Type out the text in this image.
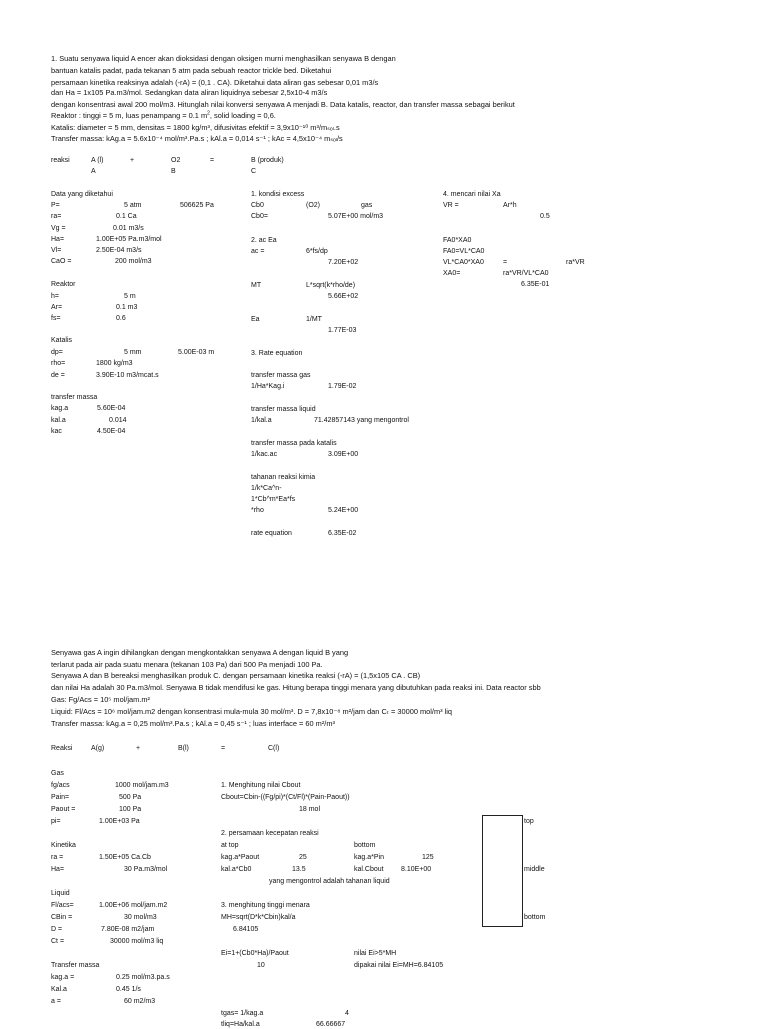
1. Suatu senyawa liquid A encer akan dioksidasi dengan oksigen murni menghasilkan senyawa B dengan
bantuan katalis padat, pada tekanan 5 atm pada sebuah reactor trickle bed. Diketahui
persamaan kinetika reaksinya adalah (-rA) = (0,1 . CA). Diketahui data aliran gas sebesar 0,01 m3/s
dan Ha = 1x105 Pa.m3/mol. Sedangkan data aliran liquidnya sebesar 2,5x10-4 m3/s
dengan konsentrasi awal 200 mol/m3. Hitunglah nilai konversi senyawa A menjadi B. Data katalis, reactor, dan transfer massa sebagai berikut
Reaktor : tinggi = 5 m, luas penampang = 0.1 $m^2$, solid loading = 0,6.
Katalis: diameter = 5 mm, densitas = 1800 kg/m³, difusivitas efektif = 3,9x10⁻¹⁰ m³/mₛₒₗ.s
Transfer massa: kAg.a = 5.6x10⁻⁴ mol/m³.Pa.s ; kAl.a = 0,014 s⁻¹ ; kAc = 4,5x10⁻⁴ mₛₒₗ/s
reaksi	A (l)	+	O2	=	B (produk)
A	B	C
Data yang diketahui
P=	5 atm	506625 Pa
ra=	0.1 Ca
Vg =	0.01 m3/s
Ha=	1.00E+05 Pa.m3/mol
Vl=	2.50E-04 m3/s
CaO =	200 mol/m3
Reaktor
h=	5 m
Ar=	0.1 m3
fs=	0.6
Katalis
dp=	5 mm	5.00E-03 m
rho=	1800 kg/m3
de =	3.90E-10 m3/mcat.s
transfer massa
kag.a	5.60E-04
kal.a	0.014
kac	4.50E-04
1. kondisi excess
Cb0	(O2)	gas
Cb0=	5.07E+00 mol/m3
2. ac Ea
ac =	6*fs/dp
7.20E+02
MT	L*sqrt(k*rho/de)
5.66E+02
Ea	1/MT
1.77E-03
3. Rate equation
transfer massa gas
1/Ha*Kag.i	1.79E-02
transfer massa liquid
1/kal.a	71.42857143 yang mengontrol
transfer massa pada katalis
1/kac.ac	3.09E+00
tahanan reaksi kimia
1/k*Ca^n-
1*Cb^m*Ea*fs
*rho	5.24E+00
rate equation	6.35E-02
4. mencari nilai Xa
VR =	Ar*h
0.5
FA0*XA0
FA0=VL*CA0
VL*CA0*XA0	=	ra*VR
XA0=	ra*VR/VL*CA0
6.35E-01
Senyawa gas A ingin dihilangkan dengan mengkontakkan senyawa A dengan liquid B yang
terlarut pada air pada suatu menara (tekanan 103 Pa) dari 500 Pa menjadi 100 Pa.
Senyawa A dan B bereaksi menghasilkan produk C. dengan persamaan kinetika reaksi (-rA) = (1,5x105 CA . CB)
dan nilai Ha adalah 30 Pa.m3/mol. Senyawa B tidak mendifusi ke gas. Hitung berapa tinggi menara yang dibutuhkan pada reaksi ini. Data reactor sbb
Gas: Fg/Acs = 10⁵ mol/jam.m²
Liquid: Fl/Acs = 10⁶ mol/jam.m2 dengan konsentrasi mula-mula 30 mol/m³. D = 7,8x10⁻⁸ m²/jam dan Cₜ = 30000 mol/m³ liq
Transfer massa: kAg.a = 0,25 mol/m³.Pa.s ; kAl.a = 0,45 s⁻¹ ; luas interface = 60 m²/m³
Reaksi	A(g)	+	B(l)	=	C(l)
Gas
fg/acs	1000 mol/jam.m3
Pain=	500 Pa
Paout =	100 Pa
pi=	1.00E+03 Pa
Kinetika
ra =	1.50E+05 Ca.Cb
Ha=	30 Pa.m3/mol
Liquid
Fl/acs=	1.00E+06 mol/jam.m2
CBin =	30 mol/m3
D =	7.80E-08 m2/jam
Ct =	30000 mol/m3 liq
Transfer massa
kag.a =	0.25 mol/m3.pa.s
Kal.a	0.45 1/s
a =	60 m2/m3
1. Menghitung nilai Cbout
Cbout=Cbin-((Fg/pi)*(Ct/Fl)*(Pain-Paout))
18 mol
2. persamaan kecepatan reaksi
at top	bottom
kag.a*Paout	25	kag.a*Pin	125
kal.a*Cb0	13.5	kal.Cbout 8.10E+00
yang mengontrol adalah tahanan liquid
3. menghitung tinggi menara
MH=sqrt(D*k*Cbin)kal/a
6.84105
Ei=1+(Cb0*Ha)/Paout	nilai Ei>5*MH
10	dipakai nilai Ei=MH=6.84105
tgas= 1/kag.a	4
tliq=Ha/kal.a	66.66667
top
middle
bottom
